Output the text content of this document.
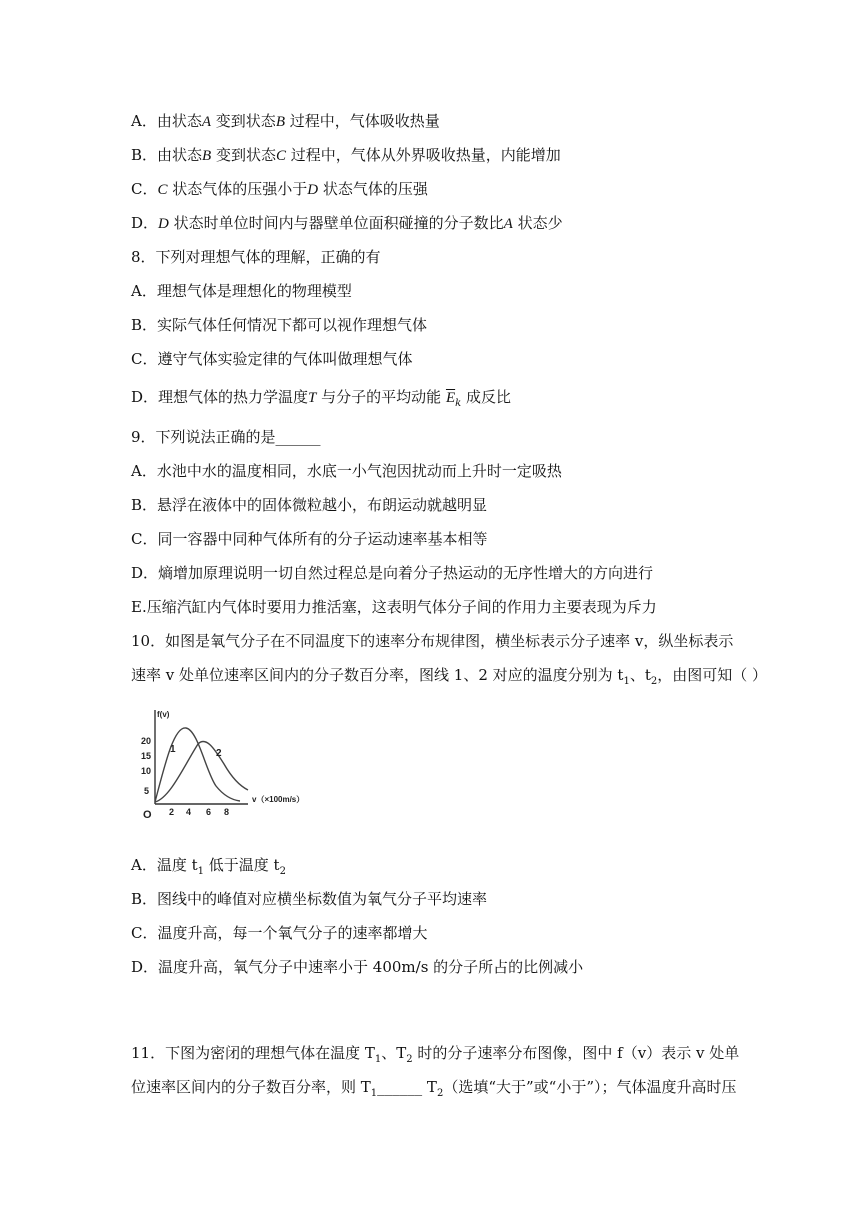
A．由状态A 变到状态B 过程中，气体吸收热量
B．由状态B 变到状态C 过程中，气体从外界吸收热量，内能增加
C．C 状态气体的压强小于D 状态气体的压强
D．D 状态时单位时间内与器壁单位面积碰撞的分子数比A 状态少
8．下列对理想气体的理解，正确的有
A．理想气体是理想化的物理模型
B．实际气体任何情况下都可以视作理想气体
C．遵守气体实验定律的气体叫做理想气体
D．理想气体的热力学温度T 与分子的平均动能 $\overline{E}_k$ 成反比
9．下列说法正确的是______
A．水池中水的温度相同，水底一小气泡因扰动而上升时一定吸热
B．悬浮在液体中的固体微粒越小，布朗运动就越明显
C．同一容器中同种气体所有的分子运动速率基本相等
D．熵增加原理说明一切自然过程总是向着分子热运动的无序性增大的方向进行
E.压缩汽缸内气体时要用力推活塞，这表明气体分子间的作用力主要表现为斥力
10．如图是氧气分子在不同温度下的速率分布规律图，横坐标表示分子速率 v，纵坐标表示
速率 v 处单位速率区间内的分子数百分率，图线 1、2 对应的温度分别为 $t_1$、$t_2$，由图可知（ ）
f(v)
v（×100m/s）
O
20
15
10
5
2 4 6 8
1	2
A．温度 $t_1$ 低于温度 $t_2$
B．图线中的峰值对应横坐标数值为氧气分子平均速率
C．温度升高，每一个氧气分子的速率都增大
D．温度升高，氧气分子中速率小于 400m/s 的分子所占的比例减小
11．下图为密闭的理想气体在温度 $T_1$、$T_2$ 时的分子速率分布图像，图中 f（v）表示 v 处单
位速率区间内的分子数百分率，则 $T_1\_\_\_\_\_\_$ $T_2$（选填“大于”或“小于”）；气体温度升高时压
